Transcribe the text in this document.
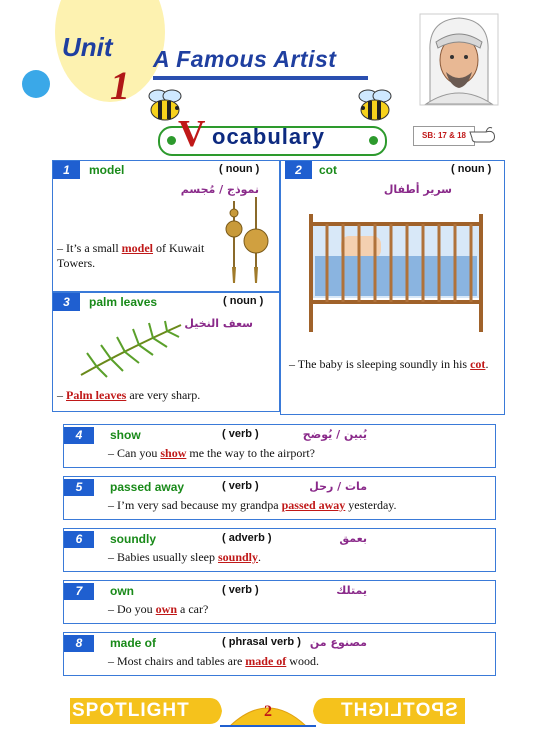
Unit
1
A Famous Artist
V ocabulary	SB: 17 & 18
1	model	( noun )
نموذج / مُجسم
– It’s a small model of Kuwait Towers.
2	cot	( noun )
سرير أطفال
– The baby is sleeping soundly in his cot.
3	palm leaves	( noun )
سعف النخيل
– Palm leaves are very sharp.
4	show	( verb )	يُبين / يُوضح
– Can you show me the way to the airport?
5	passed away	( verb )	مات / رحل
– I’m very sad because my grandpa passed away yesterday.
6	soundly	( adverb )	بعمق
– Babies usually sleep soundly.
7	own	( verb )	يمتلك
– Do you own a car?
8	made of	( phrasal verb ) مصنوع من
– Most chairs and tables are made of wood.
SPOTLIGHT	SPOTLIGHT
2
